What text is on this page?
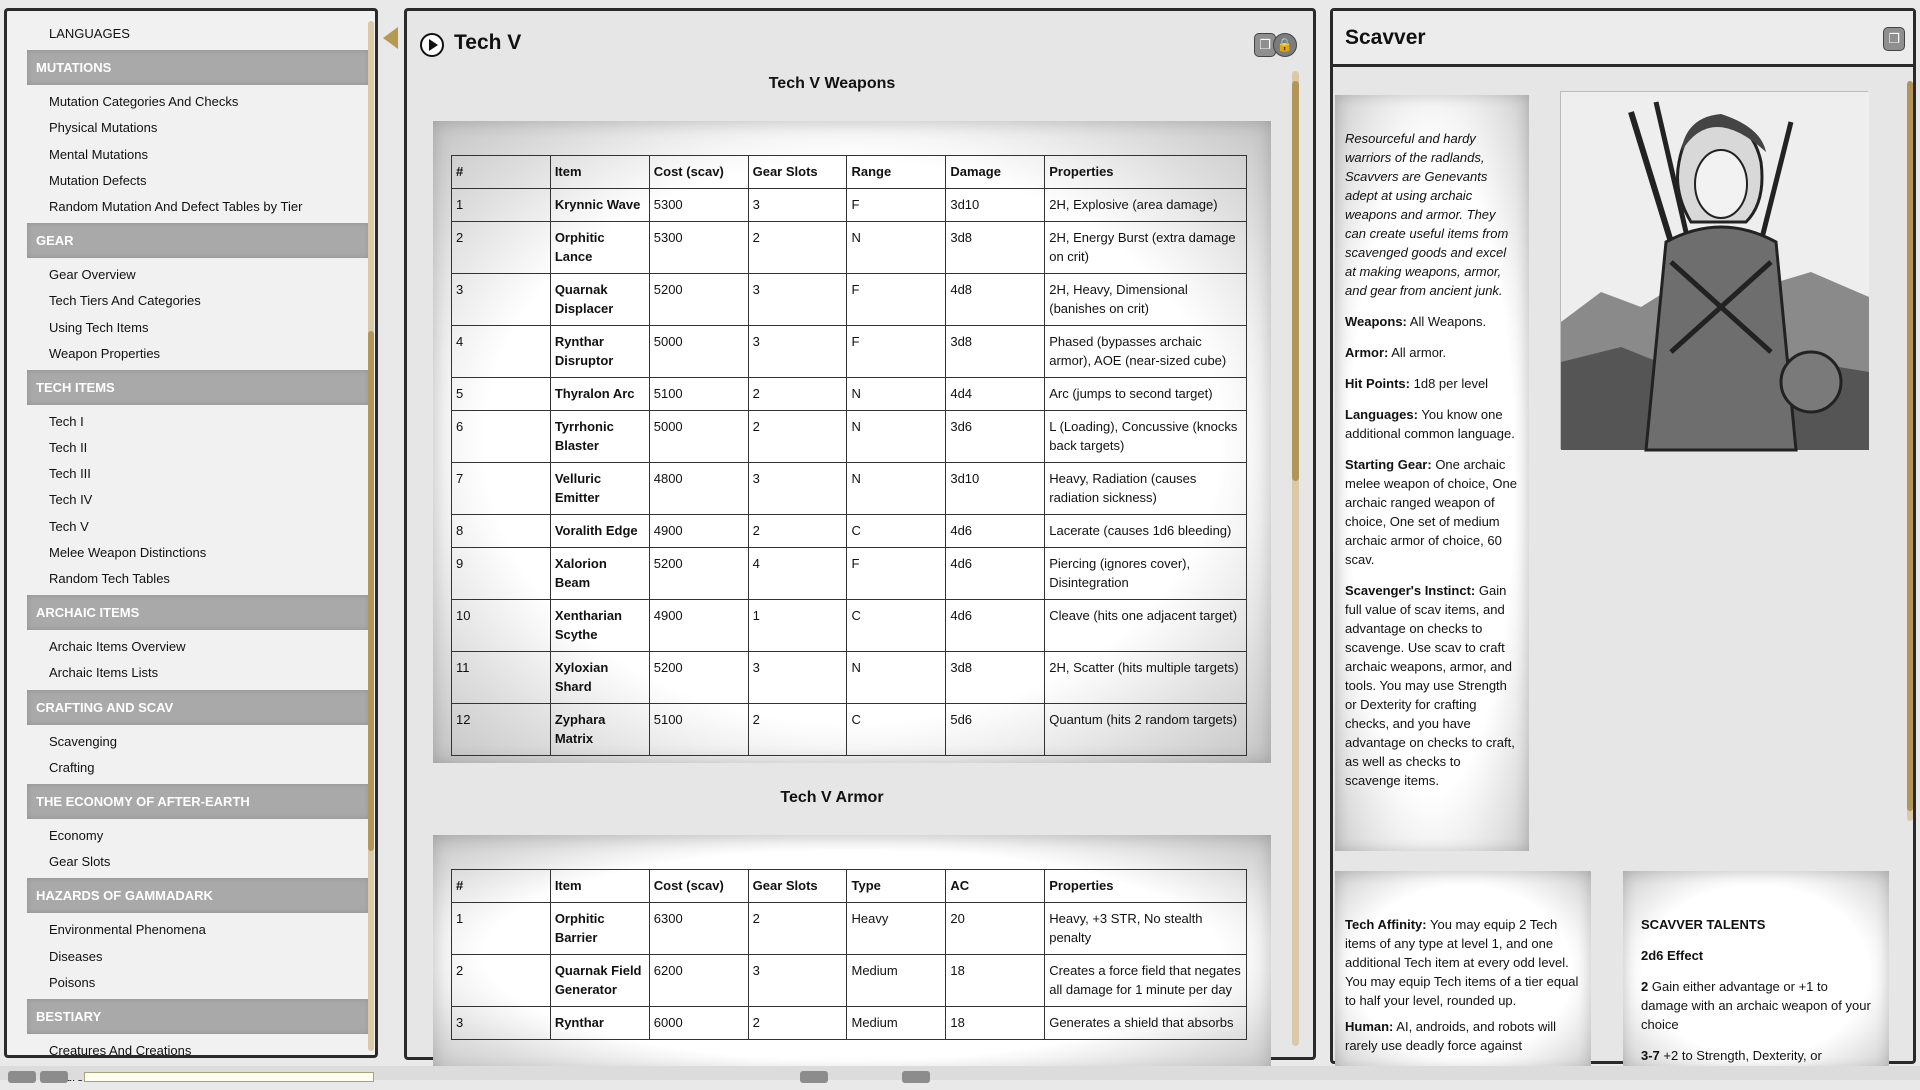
LANGUAGES
MUTATIONS
Mutation Categories And Checks
Physical Mutations
Mental Mutations
Mutation Defects
Random Mutation And Defect Tables by Tier
GEAR
Gear Overview
Tech Tiers And Categories
Using Tech Items
Weapon Properties
TECH ITEMS
Tech I
Tech II
Tech III
Tech IV
Tech V
Melee Weapon Distinctions
Random Tech Tables
ARCHAIC ITEMS
Archaic Items Overview
Archaic Items Lists
CRAFTING AND SCAV
Scavenging
Crafting
THE ECONOMY OF AFTER-EARTH
Economy
Gear Slots
HAZARDS OF GAMMADARK
Environmental Phenomena
Diseases
Poisons
BESTIARY
Creatures And Creations
Tech V	❐ 🔒
Tech V Weapons
#	Item	Cost (scav)	Gear Slots	Range	Damage	Properties
1	Krynnic Wave	5300	3	F	3d10	2H, Explosive (area damage)
2	Orphitic Lance	5300	2	N	3d8	2H, Energy Burst (extra damage on crit)
3	Quarnak Displacer	5200	3	F	4d8	2H, Heavy, Dimensional (banishes on crit)
4	Rynthar Disruptor	5000	3	F	3d8	Phased (bypasses archaic armor), AOE (near-sized cube)
5	Thyralon Arc	5100	2	N	4d4	Arc (jumps to second target)
6	Tyrrhonic Blaster	5000	2	N	3d6	L (Loading), Concussive (knocks back targets)
7	Velluric Emitter	4800	3	N	3d10	Heavy, Radiation (causes radiation sickness)
8	Voralith Edge	4900	2	C	4d6	Lacerate (causes 1d6 bleeding)
9	Xalorion Beam	5200	4	F	4d6	Piercing (ignores cover), Disintegration
10	Xentharian Scythe	4900	1	C	4d6	Cleave (hits one adjacent target)
11	Xyloxian Shard	5200	3	N	3d8	2H, Scatter (hits multiple targets)
12	Zyphara Matrix	5100	2	C	5d6	Quantum (hits 2 random targets)
Tech V Armor
#	Item	Cost (scav)	Gear Slots	Type	AC	Properties
1	Orphitic Barrier	6300	2	Heavy	20	Heavy, +3 STR, No stealth penalty
2	Quarnak Field Generator	6200	3	Medium	18	Creates a force field that negates all damage for 1 minute per day
3	Rynthar	6000	2	Medium	18	Generates a shield that absorbs
Scavver	❐

Resourceful and hardy warriors of the radlands, Scavvers are Genevants adept at using archaic weapons and armor. They can create useful items from scavenged goods and excel at making weapons, armor, and gear from ancient junk.

Weapons: All Weapons.

Armor: All armor.

Hit Points: 1d8 per level

Languages: You know one additional common language.

Starting Gear: One archaic melee weapon of choice, One archaic ranged weapon of choice, One set of medium archaic armor of choice, 60 scav.

Scavenger's Instinct: Gain full value of scav items, and advantage on checks to scavenge. Use scav to craft archaic weapons, armor, and tools. You may use Strength or Dexterity for crafting checks, and you have advantage on checks to craft, as well as checks to scavenge items.

Tech Affinity: You may equip 2 Tech items of any type at level 1, and one additional Tech item at every odd level. You may equip Tech items of a tier equal to half your level, rounded up.

Human: AI, androids, and robots will rarely use deadly force against

SCAVVER TALENTS

2d6 Effect

2 Gain either advantage or +1 to damage with an archaic weapon of your choice

3-7 +2 to Strength, Dexterity, or
